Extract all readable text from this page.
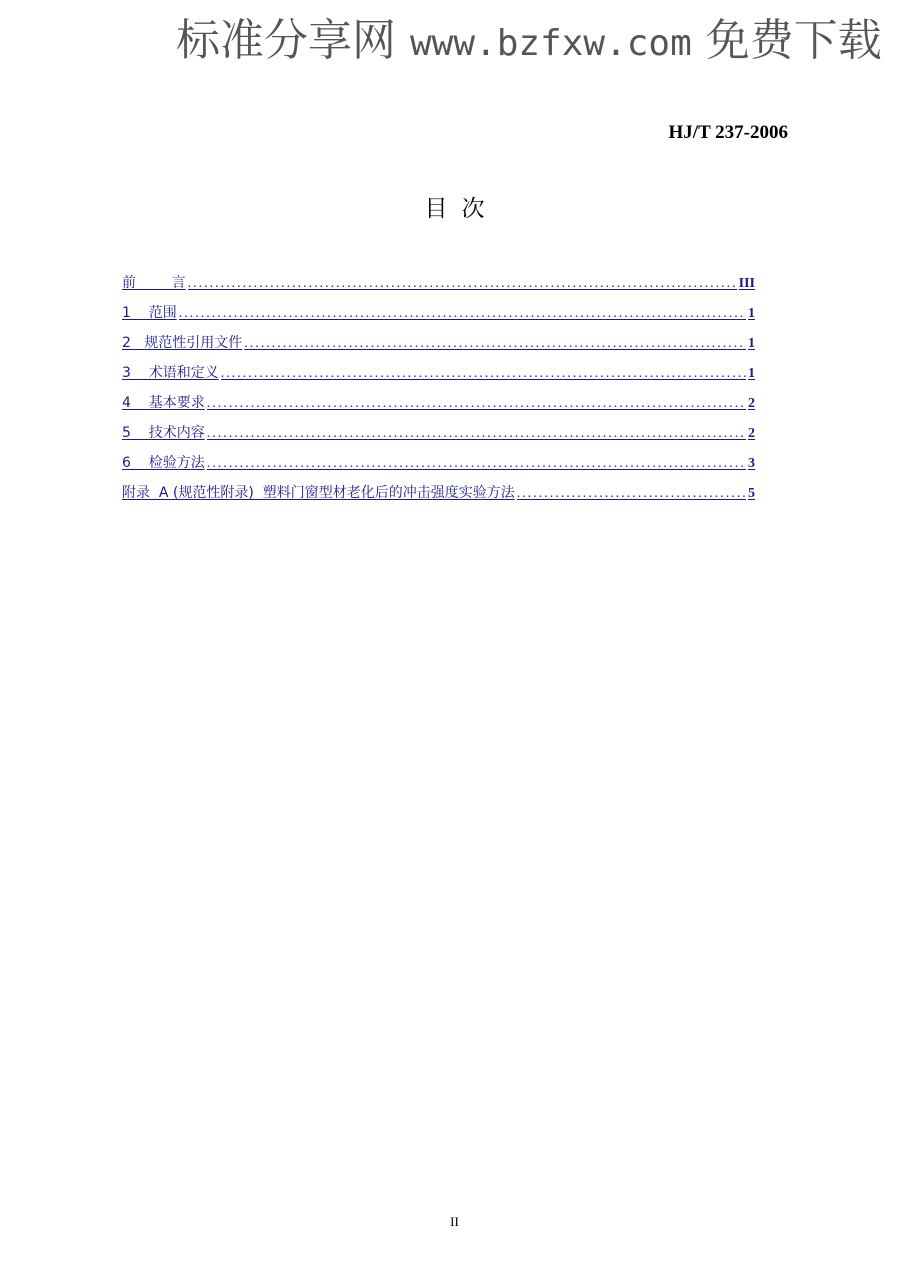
标准分享网 www.bzfxw.com 免费下载
HJ/T 237-2006
目次
前        言 .....	III
1    范围 .....	1
2   规范性引用文件 .....	1
3    术语和定义 .....	1
4    基本要求 .....	2
5    技术内容 .....	2
6    检验方法 .....	3
附录  A (规范性附录)  塑料门窗型材老化后的冲击强度实验方法 .....	5
II
